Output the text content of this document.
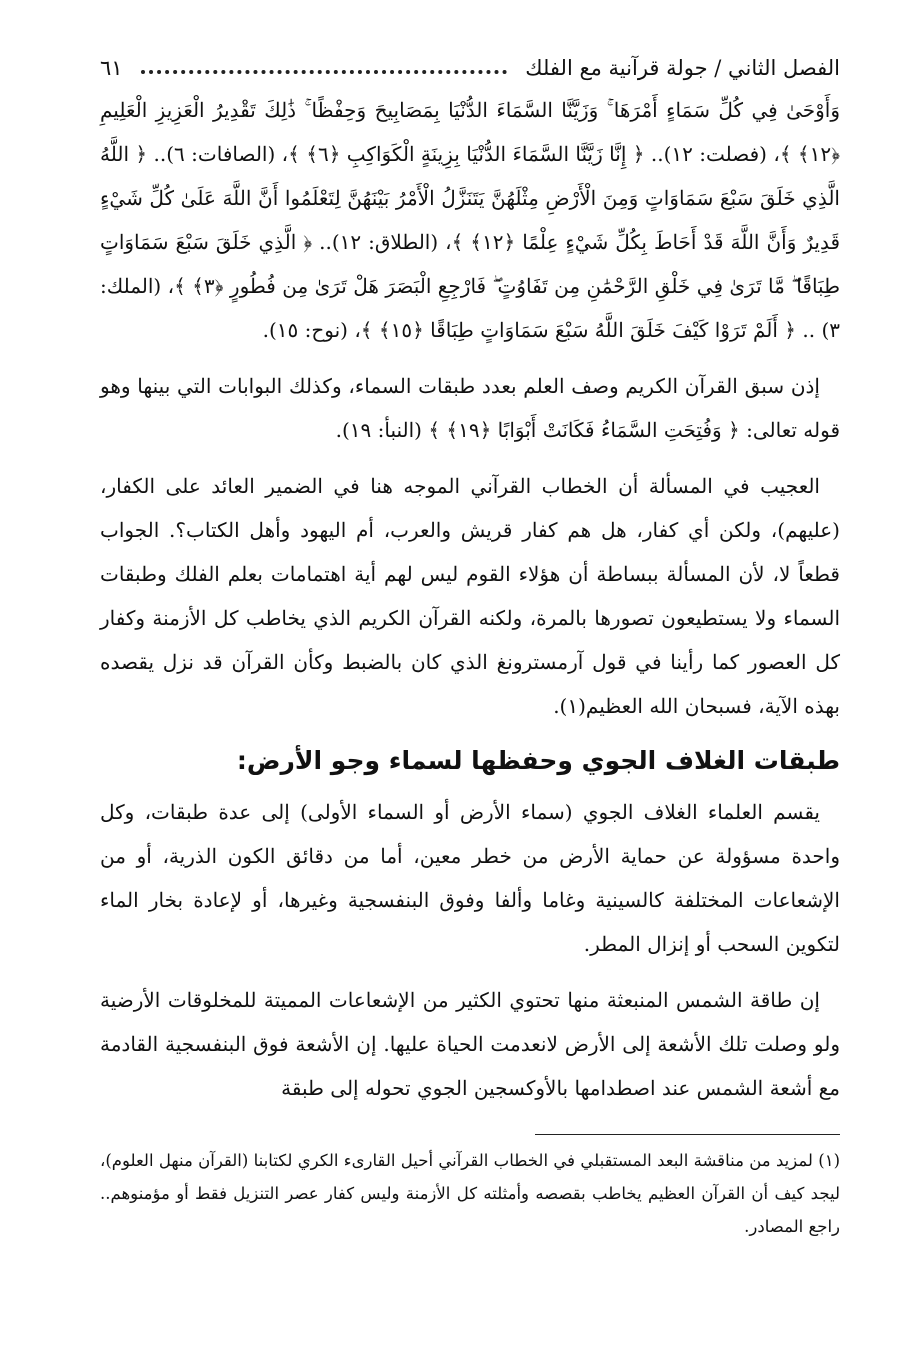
الفصل الثاني / جولة قرآنية مع الفلك
٦١

وَأَوْحَىٰ فِي كُلِّ سَمَاءٍ أَمْرَهَا ۚ وَزَيَّنَّا السَّمَاءَ الدُّنْيَا بِمَصَابِيحَ وَحِفْظًا ۚ ذَٰلِكَ تَقْدِيرُ الْعَزِيزِ الْعَلِيمِ ﴿١٢﴾ ﴾، (فصلت: ١٢).. ﴿ إِنَّا زَيَّنَّا السَّمَاءَ الدُّنْيَا بِزِينَةٍ الْكَوَاكِبِ ﴿٦﴾ ﴾، (الصافات: ٦).. ﴿ اللَّهُ الَّذِي خَلَقَ سَبْعَ سَمَاوَاتٍ وَمِنَ الْأَرْضِ مِثْلَهُنَّ يَتَنَزَّلُ الْأَمْرُ بَيْنَهُنَّ لِتَعْلَمُوا أَنَّ اللَّهَ عَلَىٰ كُلِّ شَيْءٍ قَدِيرٌ وَأَنَّ اللَّهَ قَدْ أَحَاطَ بِكُلِّ شَيْءٍ عِلْمًا ﴿١٢﴾ ﴾، (الطلاق: ١٢).. ﴿ الَّذِي خَلَقَ سَبْعَ سَمَاوَاتٍ طِبَاقًا ۖ مَّا تَرَىٰ فِي خَلْقِ الرَّحْمَٰنِ مِن تَفَاوُتٍ ۖ فَارْجِعِ الْبَصَرَ هَلْ تَرَىٰ مِن فُطُورٍ ﴿٣﴾ ﴾، (الملك: ٣) .. ﴿ أَلَمْ تَرَوْا كَيْفَ خَلَقَ اللَّهُ سَبْعَ سَمَاوَاتٍ طِبَاقًا ﴿١٥﴾ ﴾، (نوح: ١٥).

إذن سبق القرآن الكريم وصف العلم بعدد طبقات السماء، وكذلك البوابات التي بينها وهو قوله تعالى: ﴿ وَفُتِحَتِ السَّمَاءُ فَكَانَتْ أَبْوَابًا ﴿١٩﴾ ﴾ (النبأ: ١٩).

العجيب في المسألة أن الخطاب القرآني الموجه هنا في الضمير العائد على الكفار، (عليهم)، ولكن أي كفار، هل هم كفار قريش والعرب، أم اليهود وأهل الكتاب؟. الجواب قطعاً لا، لأن المسألة ببساطة أن هؤلاء القوم ليس لهم أية اهتمامات بعلم الفلك وطبقات السماء ولا يستطيعون تصورها بالمرة، ولكنه القرآن الكريم الذي يخاطب كل الأزمنة وكفار كل العصور كما رأينا في قول آرمسترونغ الذي كان بالضبط وكأن القرآن قد نزل يقصده بهذه الآية، فسبحان الله العظيم(١).

طبقات الغلاف الجوي وحفظها لسماء وجو الأرض:

يقسم العلماء الغلاف الجوي (سماء الأرض أو السماء الأولى) إلى عدة طبقات، وكل واحدة مسؤولة عن حماية الأرض من خطر معين، أما من دقائق الكون الذرية، أو من الإشعاعات المختلفة كالسينية وغاما وألفا وفوق البنفسجية وغيرها، أو لإعادة بخار الماء لتكوين السحب أو إنزال المطر.

إن طاقة الشمس المنبعثة منها تحتوي الكثير من الإشعاعات المميتة للمخلوقات الأرضية ولو وصلت تلك الأشعة إلى الأرض لانعدمت الحياة عليها. إن الأشعة فوق البنفسجية القادمة مع أشعة الشمس عند اصطدامها بالأوكسجين الجوي تحوله إلى طبقة

(١) لمزيد من مناقشة البعد المستقبلي في الخطاب القرآني أحيل القارىء الكري لكتابنا (القرآن منهل العلوم)، ليجد كيف أن القرآن العظيم يخاطب بقصصه وأمثلته كل الأزمنة وليس كفار عصر التنزيل فقط أو مؤمنوهم.. راجع المصادر.
